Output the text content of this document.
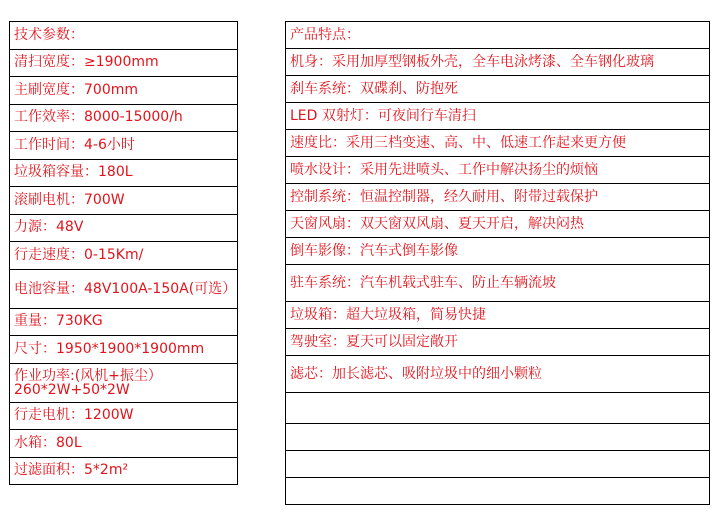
技术参数：
清扫宽度：≥1900mm
主刷宽度：700mm
工作效率：8000-15000/h
工作时间：4-6小时
垃圾箱容量：180L
滚刷电机：700W
力源：48V
行走速度：0-15Km/
电池容量：48V100A-150A(可选）
重量：730KG
尺寸：1950*1900*1900mm
作业功率:(风机+振尘）260*2W+50*2W
行走电机：1200W
水箱：80L
过滤面积：5*2m²
产品特点：
机身：采用加厚型钢板外壳，全车电泳烤漆、全车钢化玻璃
刹车系统：双碟刹、防抱死
LED 双射灯：可夜间行车清扫
速度比：采用三档变速、高、中、低速工作起来更方便
喷水设计：采用先进喷头、工作中解决扬尘的烦恼
控制系统：恒温控制器，经久耐用、附带过载保护
天窗风扇：双天窗双风扇、夏天开启，解决闷热
倒车影像：汽车式倒车影像
驻车系统：汽车机载式驻车、防止车辆流坡
垃圾箱：超大垃圾箱，简易快捷
驾驶室：夏天可以固定敞开
滤芯：加长滤芯、吸附垃圾中的细小颗粒
